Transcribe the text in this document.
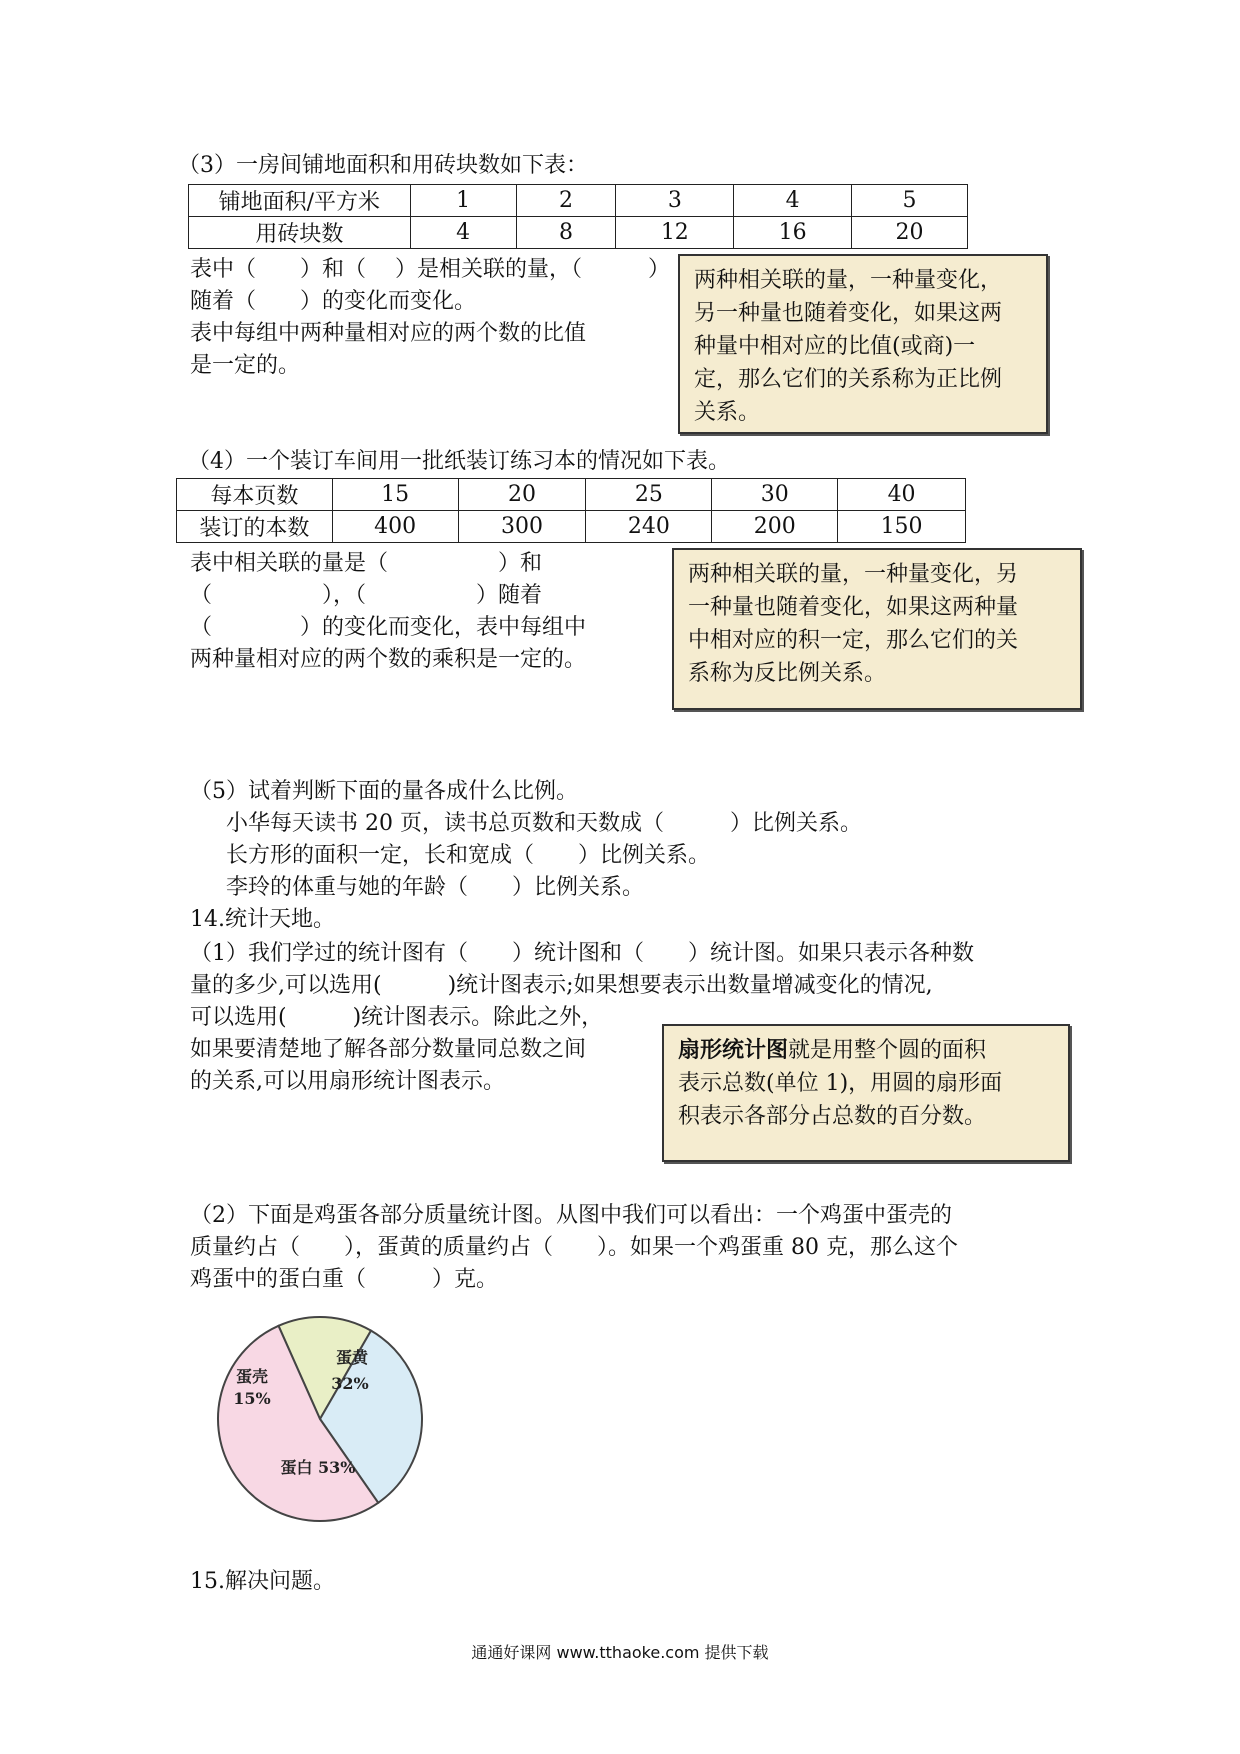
（3）一房间铺地面积和用砖块数如下表：
铺地面积/平方米	1	2	3	4	5
用砖块数	4	8	12	16	20
表中（　　）和（　 ）是相关联的量，（　　　）
随着（　　）的变化而变化。
表中每组中两种量相对应的两个数的比值
是一定的。
两种相关联的量，一种量变化，
另一种量也随着变化，如果这两
种量中相对应的比值(或商)一
定，那么它们的关系称为正比例
关系。
（4）一个装订车间用一批纸装订练习本的情况如下表。
每本页数	15	20	25	30	40
装订的本数	400	300	240	200	150
表中相关联的量是（　　　　　）和
（　　　　　），（　　　　　）随着
（　　　　）的变化而变化，表中每组中
两种量相对应的两个数的乘积是一定的。
两种相关联的量，一种量变化，另
一种量也随着变化，如果这两种量
中相对应的积一定，那么它们的关
系称为反比例关系。
（5）试着判断下面的量各成什么比例。
小华每天读书 20 页，读书总页数和天数成（　　　）比例关系。
长方形的面积一定，长和宽成（　　）比例关系。
李玲的体重与她的年龄（　　）比例关系。
14.统计天地。
（1）我们学过的统计图有（　　）统计图和（　　）统计图。如果只表示各种数
量的多少,可以选用(　　　)统计图表示;如果想要表示出数量增减变化的情况,
可以选用(　　　)统计图表示。除此之外，
如果要清楚地了解各部分数量同总数之间
的关系,可以用扇形统计图表示。
扇形统计图就是用整个圆的面积
表示总数(单位 1)，用圆的扇形面
积表示各部分占总数的百分数。
（2）下面是鸡蛋各部分质量统计图。从图中我们可以看出：一个鸡蛋中蛋壳的
质量约占（　　），蛋黄的质量约占（　　）。如果一个鸡蛋重 80 克，那么这个
鸡蛋中的蛋白重（　　　）克。
蛋壳
15%
蛋黄
32%
蛋白 53%
15.解决问题。
通通好课网 www.tthaoke.com 提供下载
